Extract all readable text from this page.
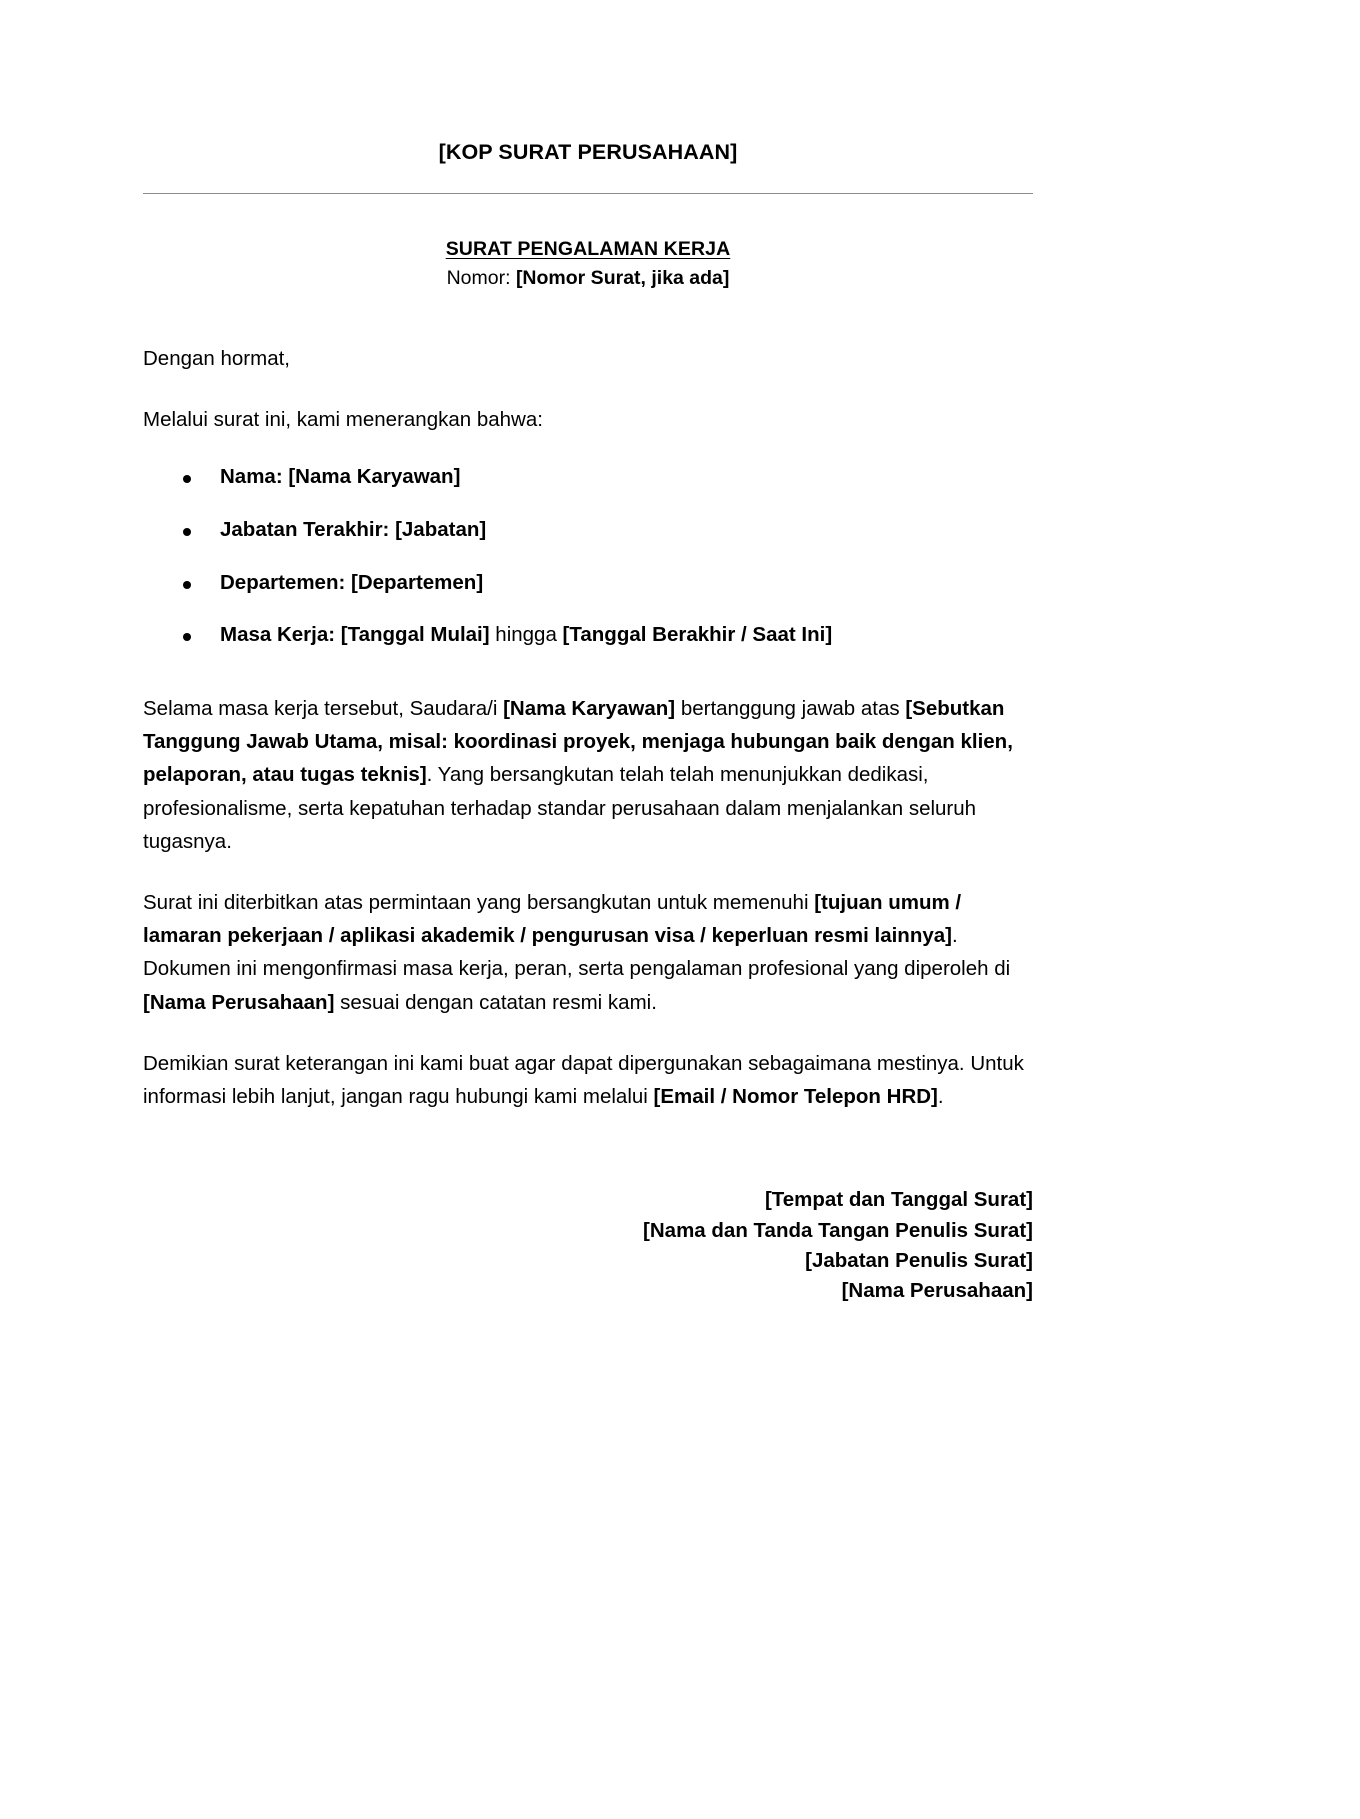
[KOP SURAT PERUSAHAAN]
SURAT PENGALAMAN KERJA
Nomor: [Nomor Surat, jika ada]

Dengan hormat,

Melalui surat ini, kami menerangkan bahwa:

Nama: [Nama Karyawan]
Jabatan Terakhir: [Jabatan]
Departemen: [Departemen]
Masa Kerja: [Tanggal Mulai] hingga [Tanggal Berakhir / Saat Ini]

Selama masa kerja tersebut, Saudara/i [Nama Karyawan] bertanggung jawab atas [Sebutkan Tanggung Jawab Utama, misal: koordinasi proyek, menjaga hubungan baik dengan klien, pelaporan, atau tugas teknis]. Yang bersangkutan telah telah menunjukkan dedikasi, profesionalisme, serta kepatuhan terhadap standar perusahaan dalam menjalankan seluruh tugasnya.

Surat ini diterbitkan atas permintaan yang bersangkutan untuk memenuhi [tujuan umum / lamaran pekerjaan / aplikasi akademik / pengurusan visa / keperluan resmi lainnya]. Dokumen ini mengonfirmasi masa kerja, peran, serta pengalaman profesional yang diperoleh di [Nama Perusahaan] sesuai dengan catatan resmi kami.

Demikian surat keterangan ini kami buat agar dapat dipergunakan sebagaimana mestinya. Untuk informasi lebih lanjut, jangan ragu hubungi kami melalui [Email / Nomor Telepon HRD].

[Tempat dan Tanggal Surat]
[Nama dan Tanda Tangan Penulis Surat]
[Jabatan Penulis Surat]
[Nama Perusahaan]
